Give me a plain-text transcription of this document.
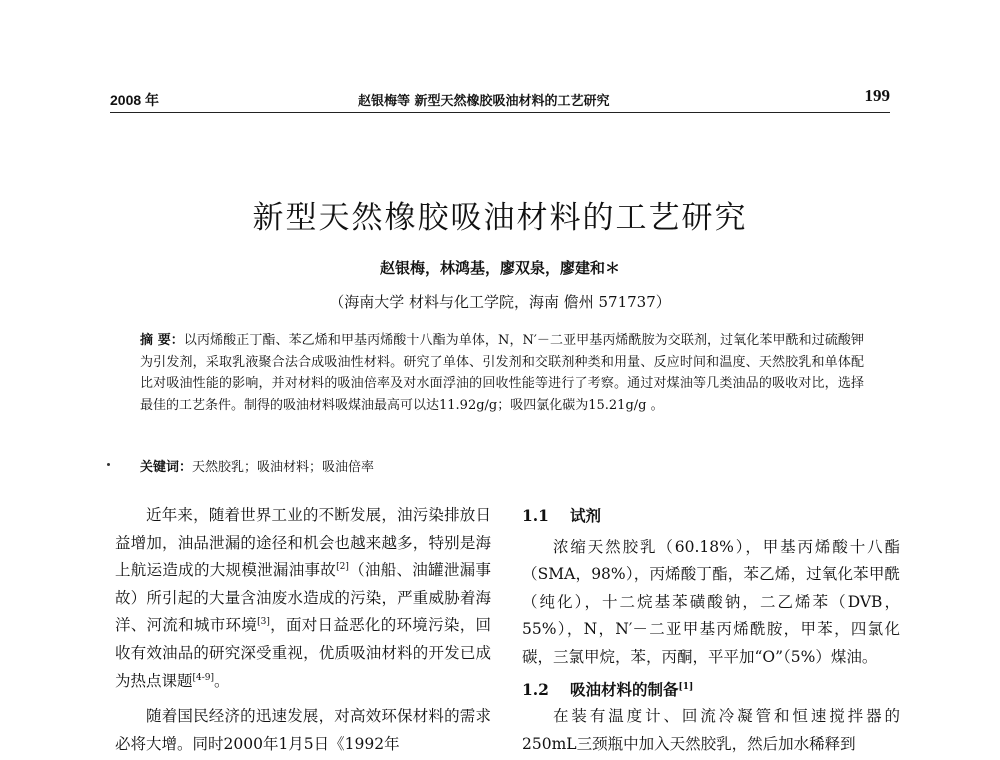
2008 年	赵银梅等 新型天然橡胶吸油材料的工艺研究	199
新型天然橡胶吸油材料的工艺研究
赵银梅，林鸿基，廖双泉，廖建和＊
（海南大学 材料与化工学院，海南 儋州 571737）
摘 要：以丙烯酸正丁酯、苯乙烯和甲基丙烯酸十八酯为单体，N，N′－二亚甲基丙烯酰胺为交联剂，过氧化苯甲酰和过硫酸钾为引发剂，采取乳液聚合法合成吸油性材料。研究了单体、引发剂和交联剂种类和用量、反应时间和温度、天然胶乳和单体配比对吸油性能的影响，并对材料的吸油倍率及对水面浮油的回收性能等进行了考察。通过对煤油等几类油品的吸收对比，选择最佳的工艺条件。制得的吸油材料吸煤油最高可以达11.92g/g；吸四氯化碳为15.21g/g 。
关键词：天然胶乳；吸油材料；吸油倍率

近年来，随着世界工业的不断发展，油污染排放日益增加，油品泄漏的途径和机会也越来越多，特别是海上航运造成的大规模泄漏油事故[2]（油船、油罐泄漏事故）所引起的大量含油废水造成的污染，严重威胁着海洋、河流和城市环境[3]，面对日益恶化的环境污染，回收有效油品的研究深受重视，优质吸油材料的开发已成为热点课题[4-9]。

随着国民经济的迅速发展，对高效环保材料的需求必将大增。同时2000年1月5日《1992年

1.1 试剂

浓缩天然胶乳（60.18%），甲基丙烯酸十八酯（SMA，98%），丙烯酸丁酯，苯乙烯，过氧化苯甲酰（纯化），十二烷基苯磺酸钠，二乙烯苯（DVB，55%），N，N′－二亚甲基丙烯酰胺，甲苯，四氯化碳，三氯甲烷，苯，丙酮，平平加“O”（5%）煤油。

1.2 吸油材料的制备[1]

在装有温度计、回流冷凝管和恒速搅拌器的250mL三颈瓶中加入天然胶乳，然后加水稀释到
